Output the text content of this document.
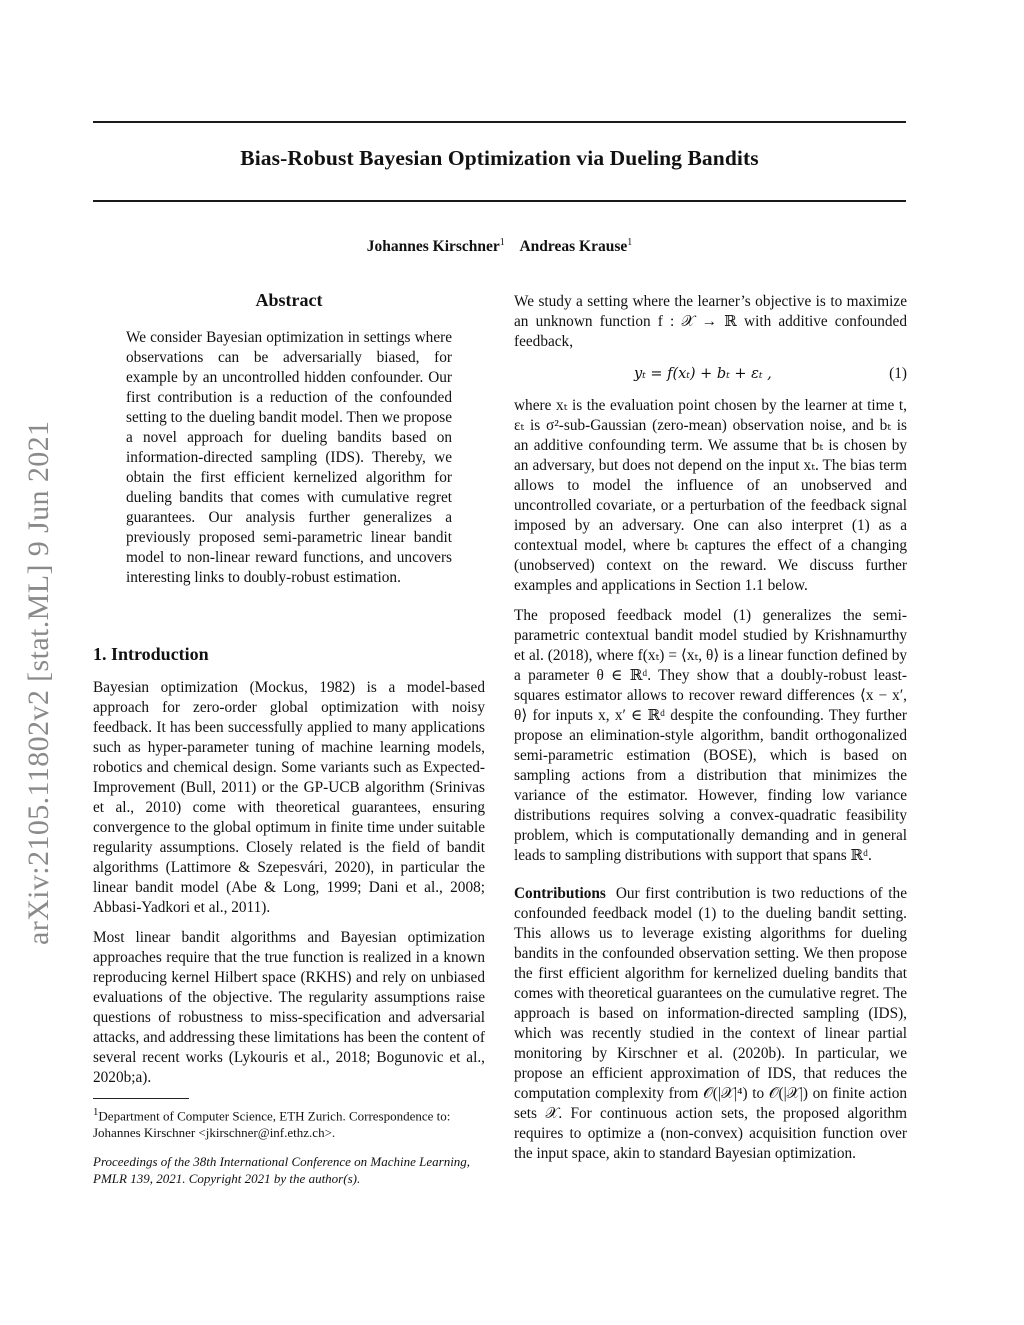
arXiv:2105.11802v2 [stat.ML] 9 Jun 2021
Bias-Robust Bayesian Optimization via Dueling Bandits
Johannes Kirschner$^1$ Andreas Krause$^1$
Abstract

We consider Bayesian optimization in settings where observations can be adversarially biased, for example by an uncontrolled hidden confounder. Our first contribution is a reduction of the confounded setting to the dueling bandit model. Then we propose a novel approach for dueling bandits based on information-directed sampling (IDS). Thereby, we obtain the first efficient kernelized algorithm for dueling bandits that comes with cumulative regret guarantees. Our analysis further generalizes a previously proposed semi-parametric linear bandit model to non-linear reward functions, and uncovers interesting links to doubly-robust estimation.

1. Introduction

Bayesian optimization (Mockus, 1982) is a model-based approach for zero-order global optimization with noisy feedback. It has been successfully applied to many applications such as hyper-parameter tuning of machine learning models, robotics and chemical design. Some variants such as Expected-Improvement (Bull, 2011) or the GP-UCB algorithm (Srinivas et al., 2010) come with theoretical guarantees, ensuring convergence to the global optimum in finite time under suitable regularity assumptions. Closely related is the field of bandit algorithms (Lattimore & Szepesvári, 2020), in particular the linear bandit model (Abe & Long, 1999; Dani et al., 2008; Abbasi-Yadkori et al., 2011).

Most linear bandit algorithms and Bayesian optimization approaches require that the true function is realized in a known reproducing kernel Hilbert space (RKHS) and rely on unbiased evaluations of the objective. The regularity assumptions raise questions of robustness to miss-specification and adversarial attacks, and addressing these limitations has been the content of several recent works (Lykouris et al., 2018; Bogunovic et al., 2020b;a).

$^1$Department of Computer Science, ETH Zurich. Correspondence to: Johannes Kirschner <jkirschner@inf.ethz.ch>.

Proceedings of the 38th International Conference on Machine Learning, PMLR 139, 2021. Copyright 2021 by the author(s).

We study a setting where the learner’s objective is to maximize an unknown function f : 𝒳 → ℝ with additive confounded feedback,

yₜ = f(xₜ) + bₜ + εₜ ,	(1)

where xₜ is the evaluation point chosen by the learner at time t, εₜ is σ²-sub-Gaussian (zero-mean) observation noise, and bₜ is an additive confounding term. We assume that bₜ is chosen by an adversary, but does not depend on the input xₜ. The bias term allows to model the influence of an unobserved and uncontrolled covariate, or a perturbation of the feedback signal imposed by an adversary. One can also interpret (1) as a contextual model, where bₜ captures the effect of a changing (unobserved) context on the reward. We discuss further examples and applications in Section 1.1 below.

The proposed feedback model (1) generalizes the semi-parametric contextual bandit model studied by Krishnamurthy et al. (2018), where f(xₜ) = ⟨xₜ, θ⟩ is a linear function defined by a parameter θ ∈ ℝᵈ. They show that a doubly-robust least-squares estimator allows to recover reward differences ⟨x − x′, θ⟩ for inputs x, x′ ∈ ℝᵈ despite the confounding. They further propose an elimination-style algorithm, bandit orthogonalized semi-parametric estimation (BOSE), which is based on sampling actions from a distribution that minimizes the variance of the estimator. However, finding low variance distributions requires solving a convex-quadratic feasibility problem, which is computationally demanding and in general leads to sampling distributions with support that spans ℝᵈ.

Contributions Our first contribution is two reductions of the confounded feedback model (1) to the dueling bandit setting. This allows us to leverage existing algorithms for dueling bandits in the confounded observation setting. We then propose the first efficient algorithm for kernelized dueling bandits that comes with theoretical guarantees on the cumulative regret. The approach is based on information-directed sampling (IDS), which was recently studied in the context of linear partial monitoring by Kirschner et al. (2020b). In particular, we propose an efficient approximation of IDS, that reduces the computation complexity from 𝒪(|𝒳|⁴) to 𝒪(|𝒳|) on finite action sets 𝒳. For continuous action sets, the proposed algorithm requires to optimize a (non-convex) acquisition function over the input space, akin to standard Bayesian optimization.
